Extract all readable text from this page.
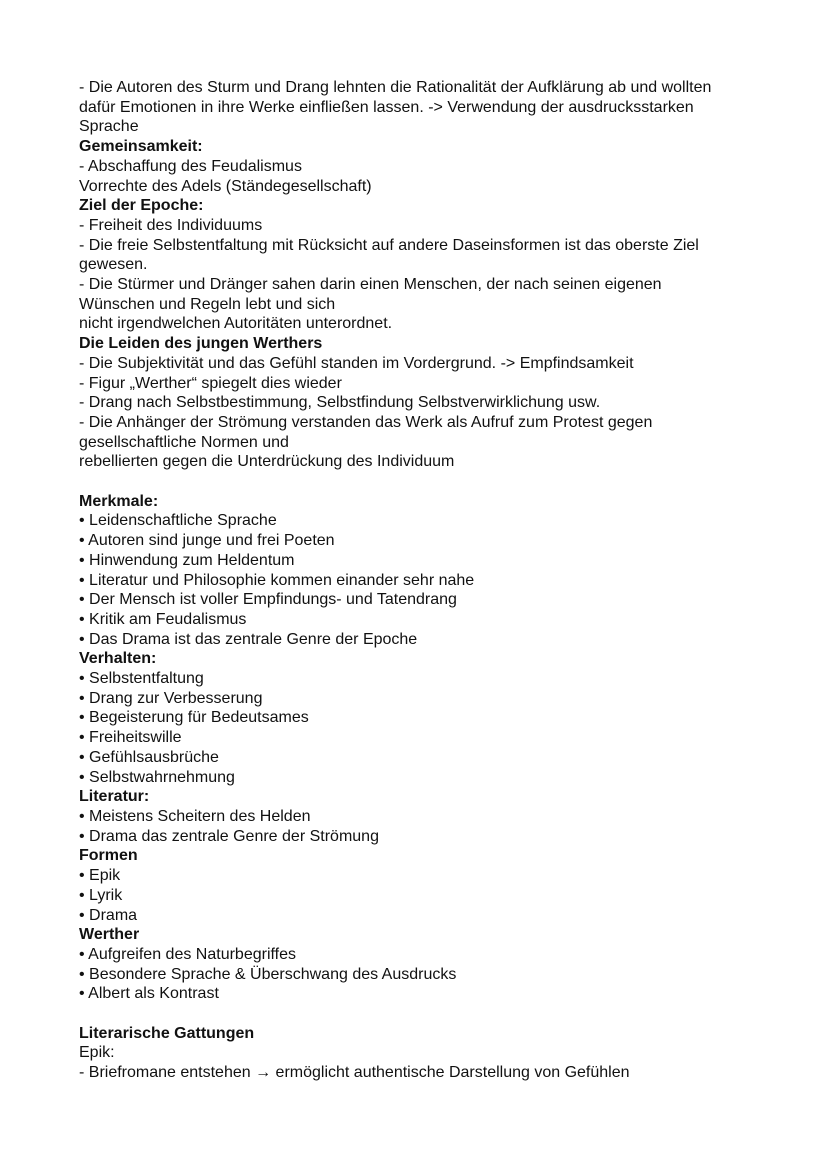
- Die Autoren des Sturm und Drang lehnten die Rationalität der Aufklärung ab und wollten
dafür Emotionen in ihre Werke einfließen lassen. -> Verwendung der ausdrucksstarken
Sprache
Gemeinsamkeit:
- Abschaffung des Feudalismus
Vorrechte des Adels (Ständegesellschaft)
Ziel der Epoche:
- Freiheit des Individuums
- Die freie Selbstentfaltung mit Rücksicht auf andere Daseinsformen ist das oberste Ziel
gewesen.
- Die Stürmer und Dränger sahen darin einen Menschen, der nach seinen eigenen
Wünschen und Regeln lebt und sich
nicht irgendwelchen Autoritäten unterordnet.
Die Leiden des jungen Werthers
- Die Subjektivität und das Gefühl standen im Vordergrund. -> Empfindsamkeit
- Figur „Werther“ spiegelt dies wieder
- Drang nach Selbstbestimmung, Selbstfindung Selbstverwirklichung usw.
- Die Anhänger der Strömung verstanden das Werk als Aufruf zum Protest gegen
gesellschaftliche Normen und
rebellierten gegen die Unterdrückung des Individuum
Merkmale:
• Leidenschaftliche Sprache
• Autoren sind junge und frei Poeten
• Hinwendung zum Heldentum
• Literatur und Philosophie kommen einander sehr nahe
• Der Mensch ist voller Empfindungs- und Tatendrang
• Kritik am Feudalismus
• Das Drama ist das zentrale Genre der Epoche
Verhalten:
• Selbstentfaltung
• Drang zur Verbesserung
• Begeisterung für Bedeutsames
• Freiheitswille
• Gefühlsausbrüche
• Selbstwahrnehmung
Literatur:
• Meistens Scheitern des Helden
• Drama das zentrale Genre der Strömung
Formen
• Epik
• Lyrik
• Drama
Werther
• Aufgreifen des Naturbegriffes
• Besondere Sprache & Überschwang des Ausdrucks
• Albert als Kontrast
Literarische Gattungen
Epik:
- Briefromane entstehen → ermöglicht authentische Darstellung von Gefühlen
